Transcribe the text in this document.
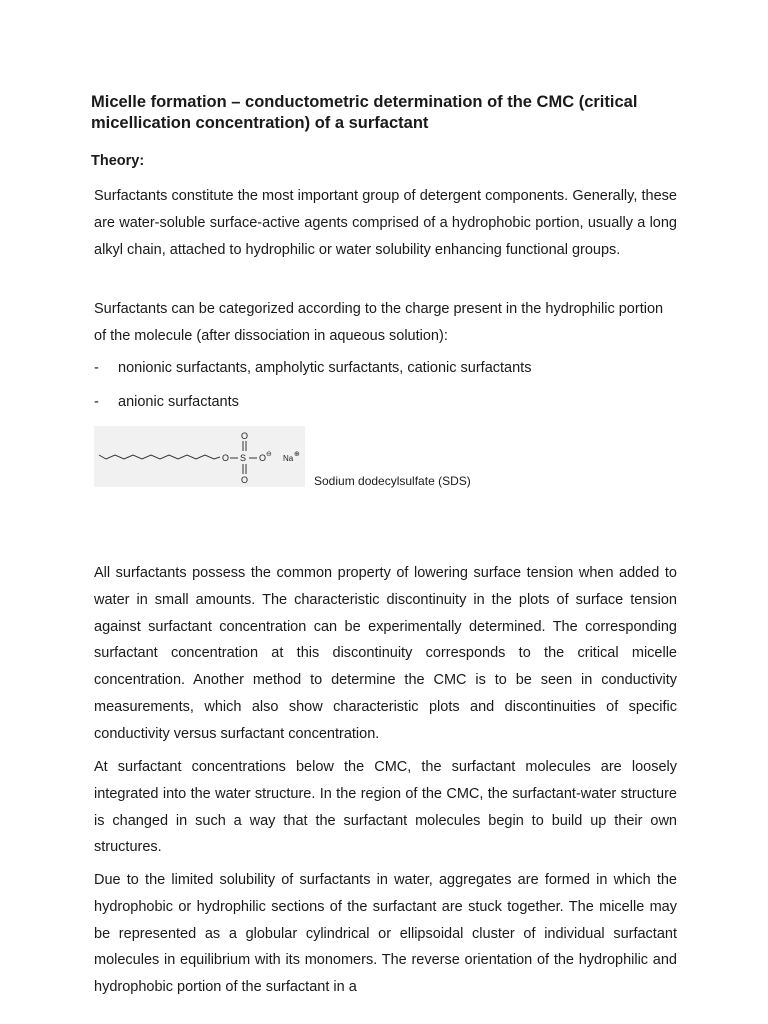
Micelle formation – conductometric determination of the CMC (critical micellication concentration) of a surfactant
Theory:

Surfactants constitute the most important group of detergent components. Generally, these are water-soluble surface-active agents comprised of a hydrophobic portion, usually a long alkyl chain, attached to hydrophilic or water solubility enhancing functional groups.

Surfactants can be categorized according to the charge present in the hydrophilic portion of the molecule (after dissociation in aqueous solution):

- nonionic surfactants, ampholytic surfactants, cationic surfactants
- anionic surfactants
O S
O
O
O ⊖ Na ⊕

Sodium dodecylsulfate (SDS)

All surfactants possess the common property of lowering surface tension when added to water in small amounts. The characteristic discontinuity in the plots of surface tension against surfactant concentration can be experimentally determined. The corresponding surfactant concentration at this discontinuity corresponds to the critical micelle concentration. Another method to determine the CMC is to be seen in conductivity measurements, which also show characteristic plots and discontinuities of specific conductivity versus surfactant concentration.

At surfactant concentrations below the CMC, the surfactant molecules are loosely integrated into the water structure. In the region of the CMC, the surfactant-water structure is changed in such a way that the surfactant molecules begin to build up their own structures.

Due to the limited solubility of surfactants in water, aggregates are formed in which the hydrophobic or hydrophilic sections of the surfactant are stuck together. The micelle may be represented as a globular cylindrical or ellipsoidal cluster of individual surfactant molecules in equilibrium with its monomers. The reverse orientation of the hydrophilic and hydrophobic portion of the surfactant in a
